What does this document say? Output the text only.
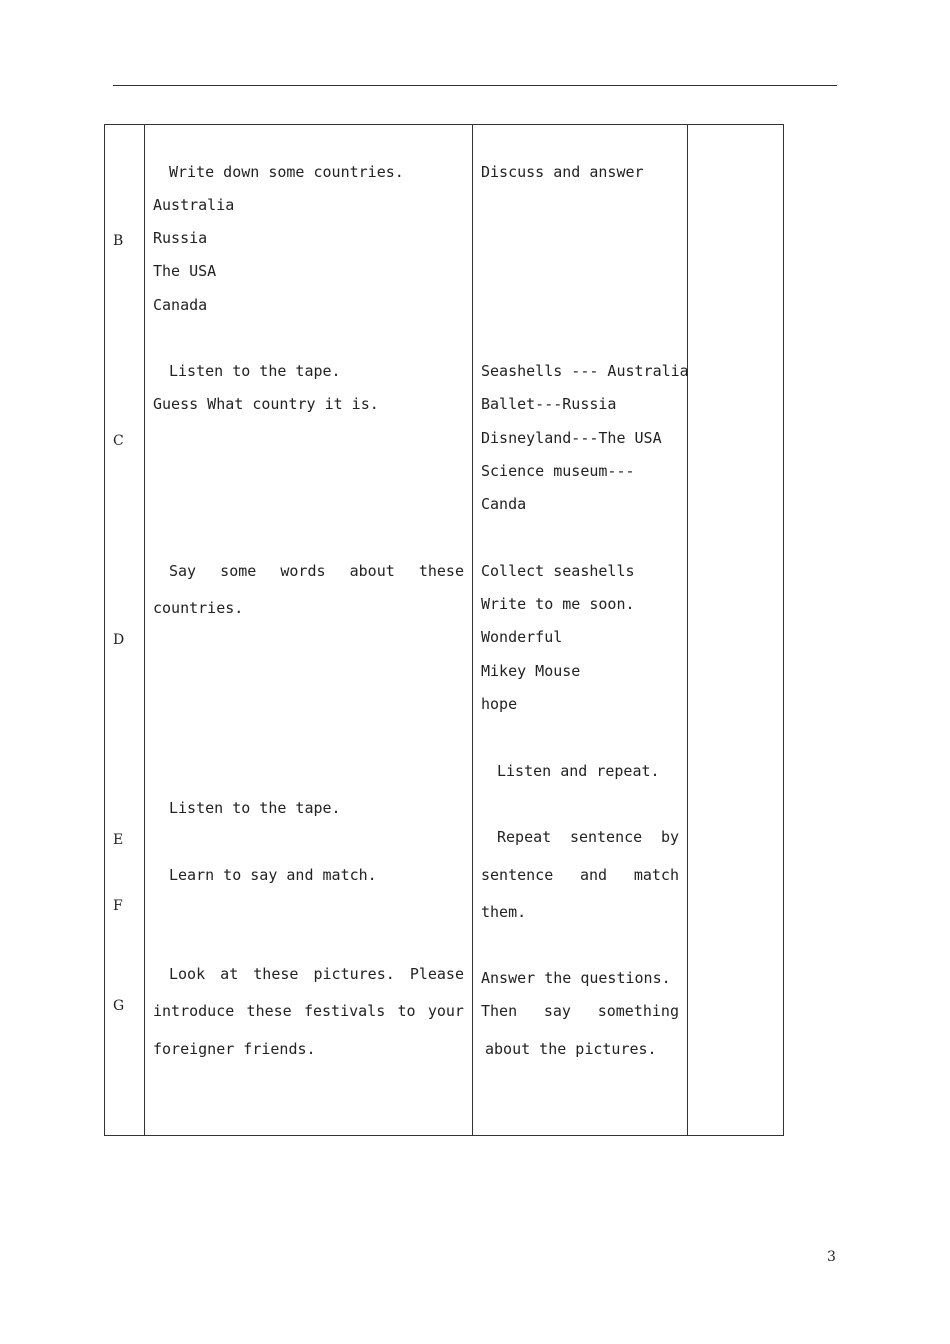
B
C
D
E
F
G
Write down some countries.
Australia
Russia
The USA
Canada
Discuss and answer
Listen to the tape.
Guess What country it is.
Seashells --- Australia
Ballet---Russia
Disneyland---The USA
Science museum---
Canda
Say some words about these
countries.
Collect seashells
Write to me soon.
Wonderful
Mikey Mouse
hope
Listen and repeat.
Listen to the tape.
Repeat sentence by
Learn to say and match.	sentence and match
them.
Look at these pictures. Please
introduce these festivals to your
foreigner friends.
Answer the questions.
Then say something
about the pictures.
3
